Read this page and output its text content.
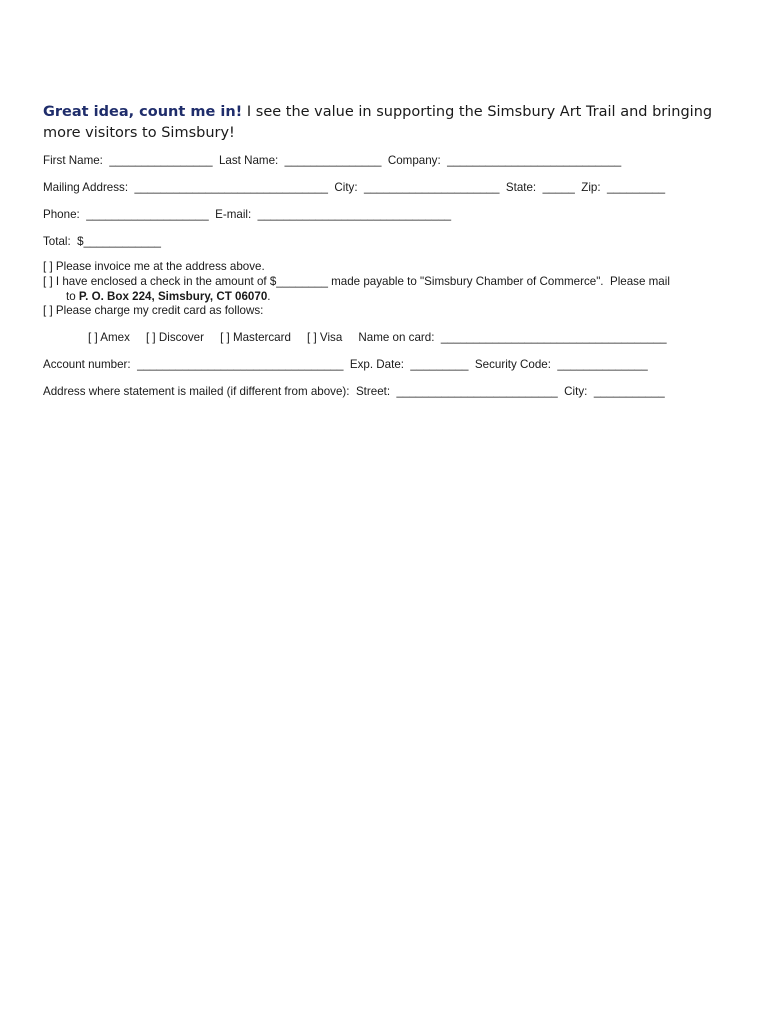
Great idea, count me in! I see the value in supporting the Simsbury Art Trail and bringing more visitors to Simsbury!
First Name:  ________________  Last Name:  _______________  Company:  ___________________________
Mailing Address:  ______________________________  City:  _____________________  State:  _____  Zip:  _________
Phone:  ___________________  E-mail:  ______________________________
Total:  $____________
[ ] Please invoice me at the address above.
[ ] I have enclosed a check in the amount of $________ made payable to "Simsbury Chamber of Commerce".  Please mail
to P. O. Box 224, Simsbury, CT 06070.
[ ] Please charge my credit card as follows:
[ ] Amex     [ ] Discover     [ ] Mastercard     [ ] Visa     Name on card:  ___________________________________
Account number:  ________________________________  Exp. Date:  _________  Security Code:  ______________
Address where statement is mailed (if different from above):  Street:  _________________________  City:  ___________
